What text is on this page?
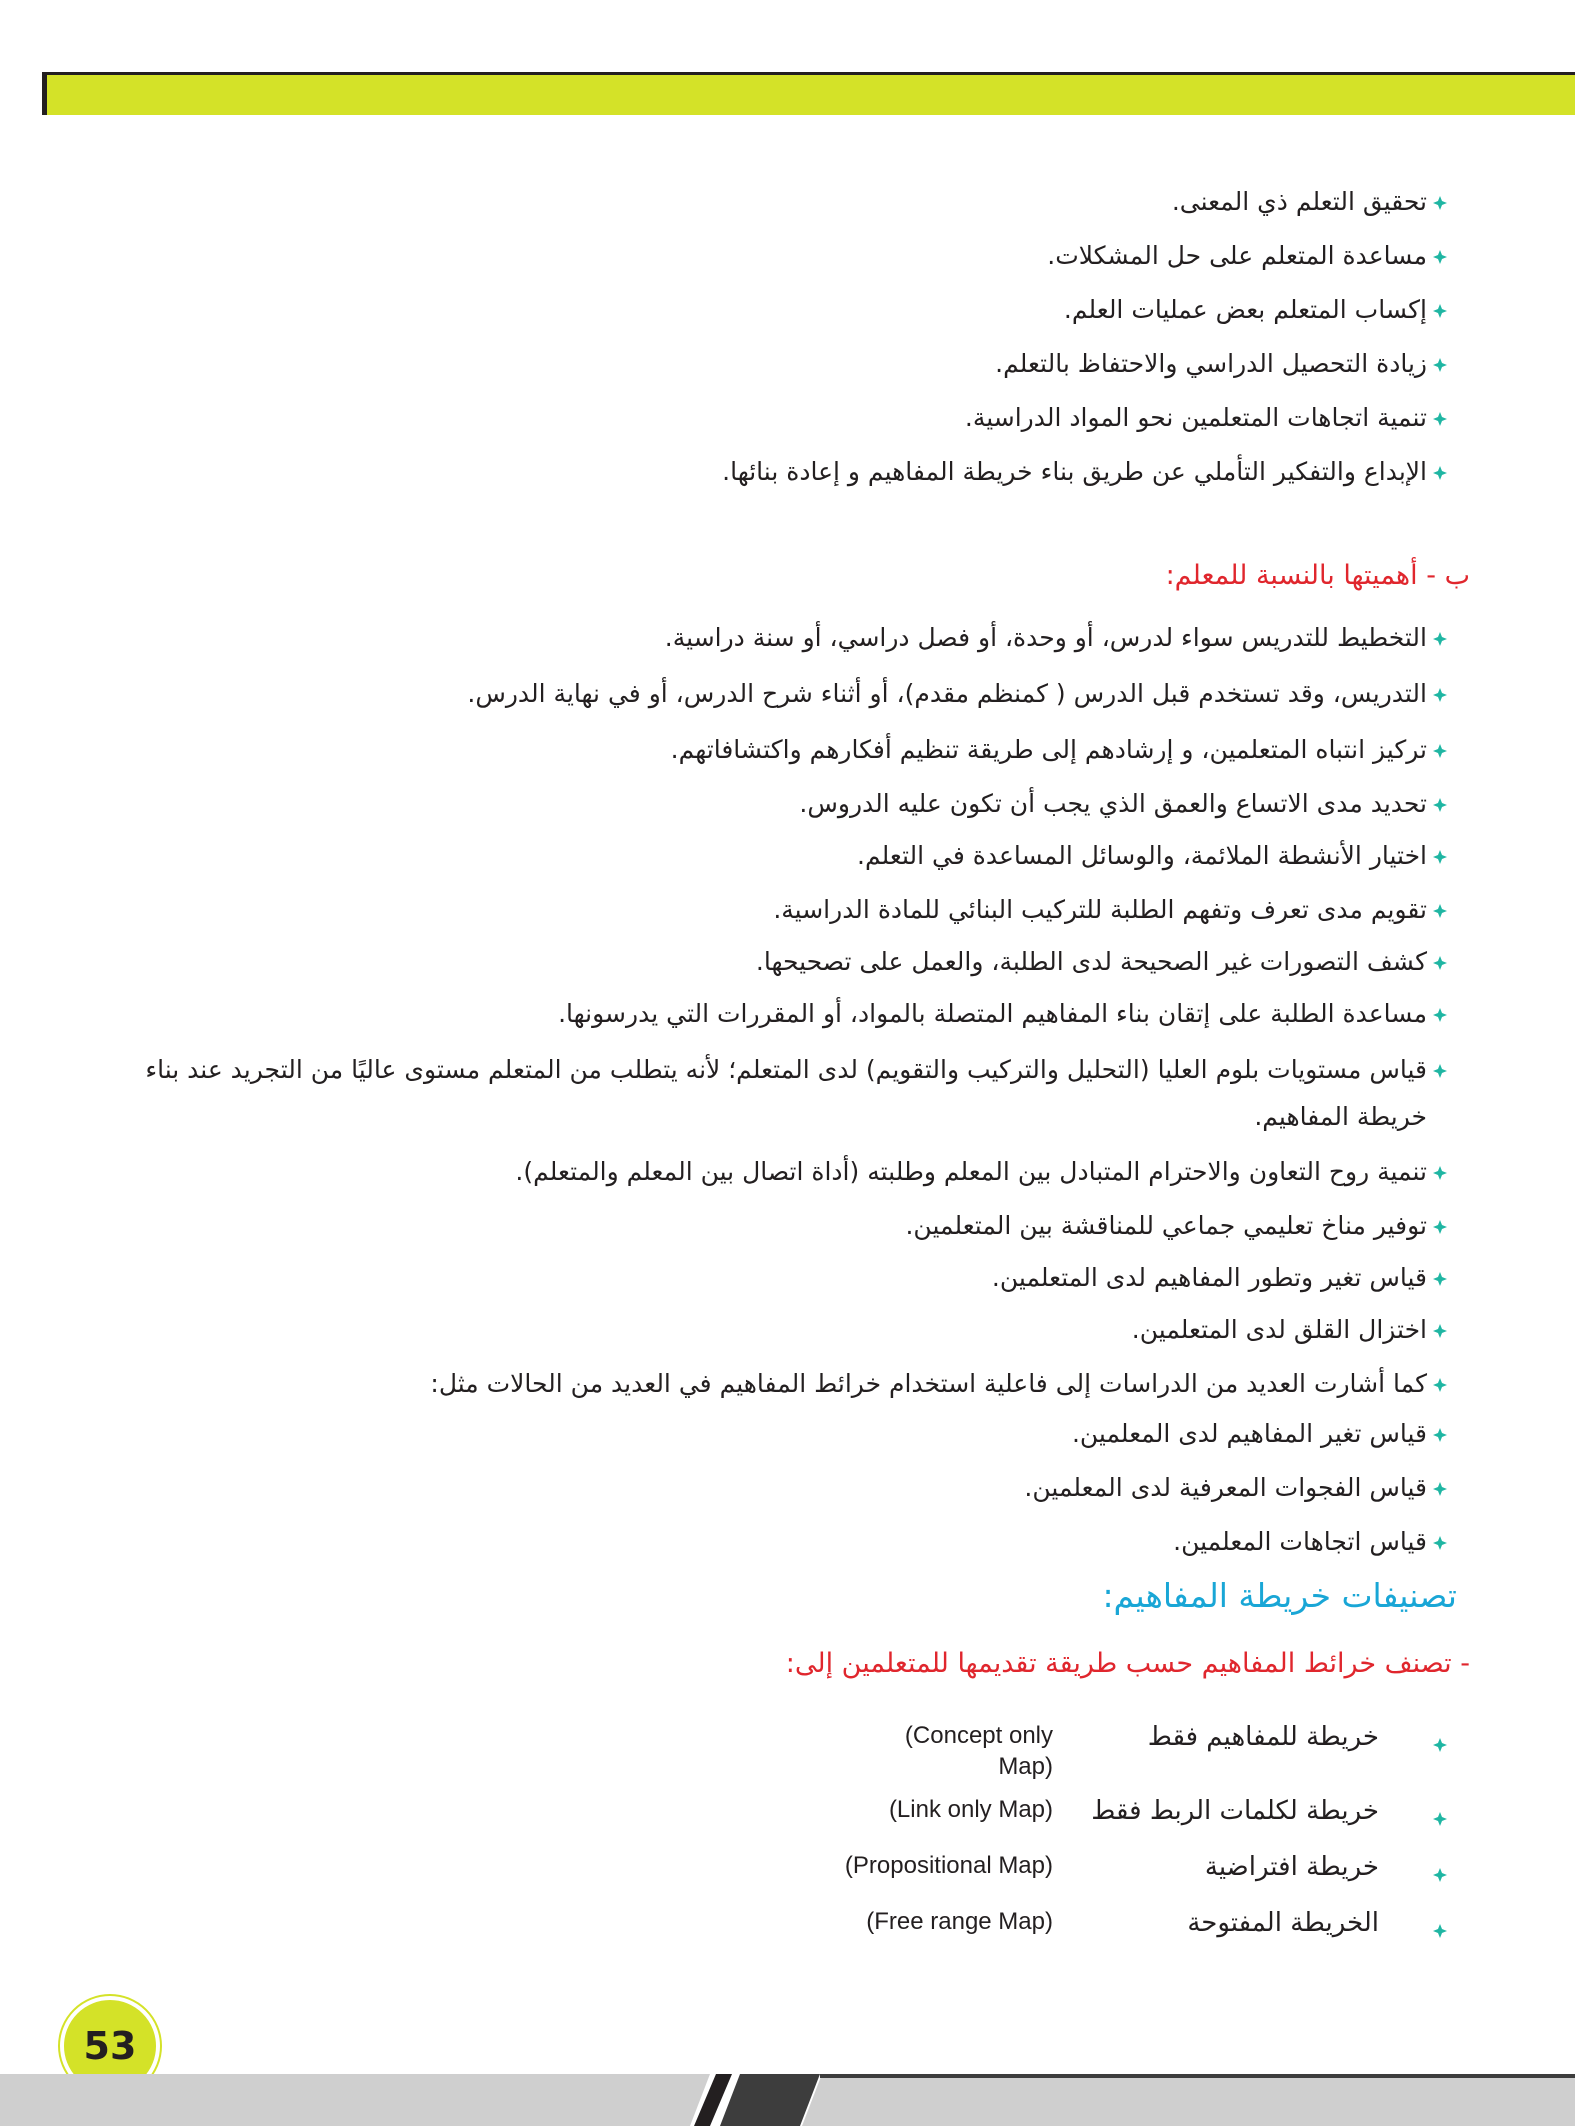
تحقيق التعلم ذي المعنى.
مساعدة المتعلم على حل المشكلات.
إكساب المتعلم بعض عمليات العلم.
زيادة التحصيل الدراسي والاحتفاظ بالتعلم.
تنمية اتجاهات المتعلمين نحو المواد الدراسية.
الإبداع والتفكير التأملي عن طريق بناء خريطة المفاهيم و إعادة بنائها.
ب - أهميتها بالنسبة للمعلم:
التخطيط للتدريس سواء لدرس، أو وحدة، أو فصل دراسي، أو سنة دراسية.
التدريس، وقد تستخدم قبل الدرس ( كمنظم مقدم)، أو أثناء شرح الدرس، أو في نهاية الدرس.
تركيز انتباه المتعلمين، و إرشادهم إلى طريقة تنظيم أفكارهم واكتشافاتهم.
تحديد مدى الاتساع والعمق الذي يجب أن تكون عليه الدروس.
اختيار الأنشطة الملائمة، والوسائل المساعدة في التعلم.
تقويم مدى تعرف وتفهم الطلبة للتركيب البنائي للمادة الدراسية.
كشف التصورات غير الصحيحة لدى الطلبة، والعمل على تصحيحها.
مساعدة الطلبة على إتقان بناء المفاهيم المتصلة بالمواد، أو المقررات التي يدرسونها.
قياس مستويات بلوم العليا (التحليل والتركيب والتقويم) لدى المتعلم؛ لأنه يتطلب من المتعلم مستوى عاليًا من التجريد عند بناء خريطة المفاهيم.
تنمية روح التعاون والاحترام المتبادل بين المعلم وطلبته (أداة اتصال بين المعلم والمتعلم).
توفير مناخ تعليمي جماعي للمناقشة بين المتعلمين.
قياس تغير وتطور المفاهيم لدى المتعلمين.
اختزال القلق لدى المتعلمين.
كما أشارت العديد من الدراسات إلى فاعلية استخدام خرائط المفاهيم في العديد من الحالات مثل:
قياس تغير المفاهيم لدى المعلمين.
قياس الفجوات المعرفية لدى المعلمين.
قياس اتجاهات المعلمين.
تصنيفات خريطة المفاهيم:
- تصنف خرائط المفاهيم حسب طريقة تقديمها للمتعلمين إلى:
خريطة للمفاهيم فقط
(Concept only Map)
خريطة لكلمات الربط فقط
(Link only Map)
خريطة افتراضية
(Propositional Map)
الخريطة المفتوحة
(Free range Map)
53
